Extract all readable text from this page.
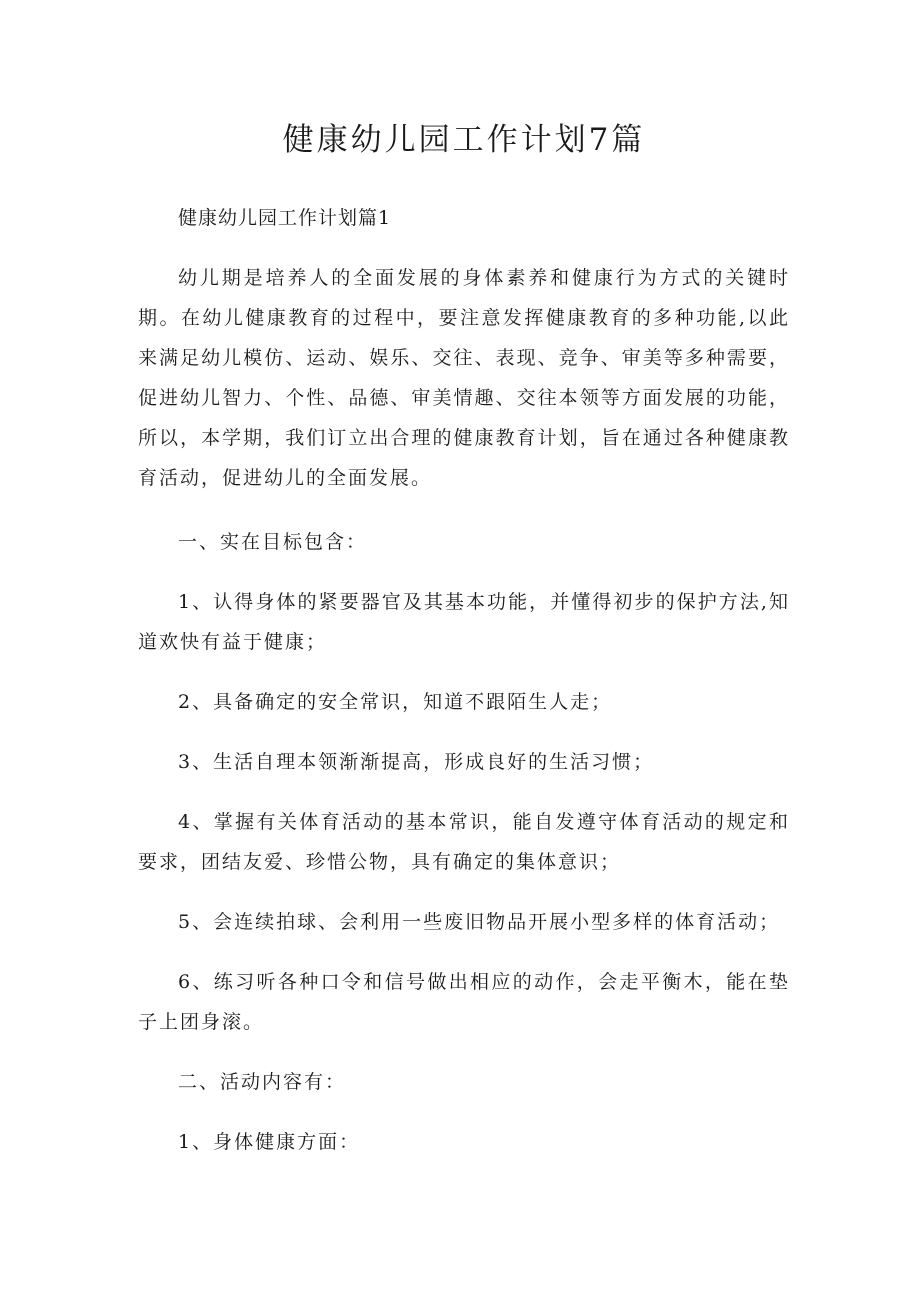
健康幼儿园工作计划7篇

健康幼儿园工作计划篇1

幼儿期是培养人的全面发展的身体素养和健康行为方式的关键时期。在幼儿健康教育的过程中，要注意发挥健康教育的多种功能,以此来满足幼儿模仿、运动、娱乐、交往、表现、竞争、审美等多种需要，促进幼儿智力、个性、品德、审美情趣、交往本领等方面发展的功能，所以，本学期，我们订立出合理的健康教育计划，旨在通过各种健康教育活动，促进幼儿的全面发展。

一、实在目标包含：

1、认得身体的紧要器官及其基本功能，并懂得初步的保护方法,知道欢快有益于健康；

2、具备确定的安全常识，知道不跟陌生人走；

3、生活自理本领渐渐提高，形成良好的生活习惯；

4、掌握有关体育活动的基本常识，能自发遵守体育活动的规定和要求，团结友爱、珍惜公物，具有确定的集体意识；

5、会连续拍球、会利用一些废旧物品开展小型多样的体育活动；

6、练习听各种口令和信号做出相应的动作，会走平衡木，能在垫子上团身滚。

二、活动内容有：

1、身体健康方面：
